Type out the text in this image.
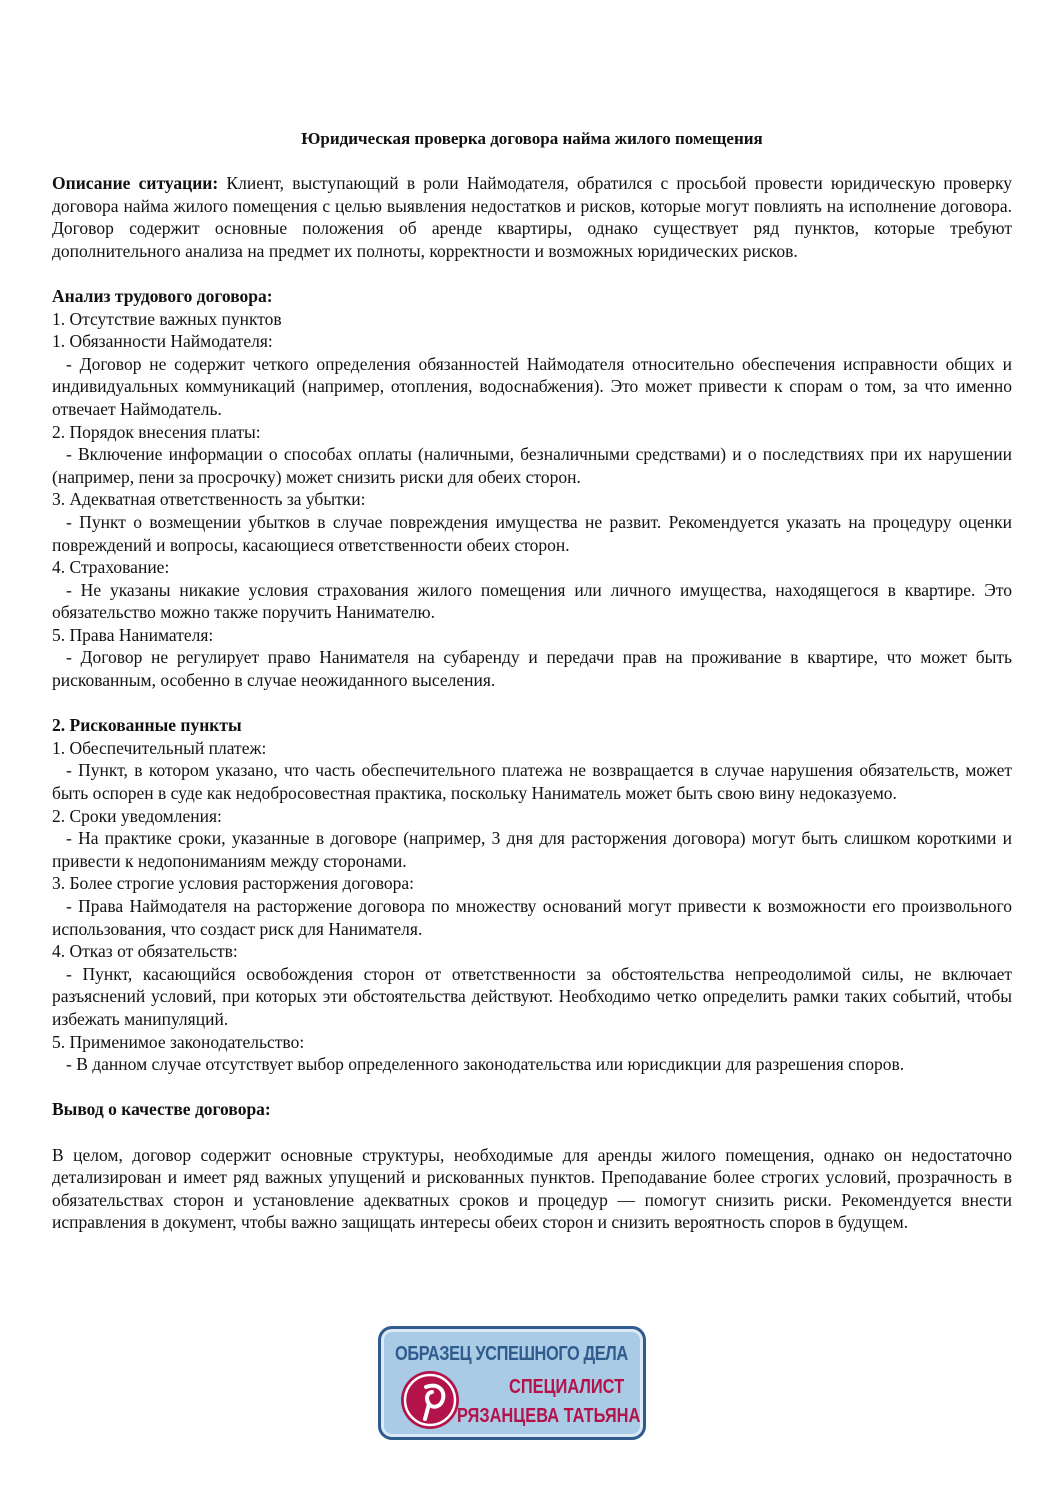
Юридическая проверка договора найма жилого помещения

Описание ситуации: Клиент, выступающий в роли Наймодателя, обратился с просьбой провести юридическую проверку договора найма жилого помещения с целью выявления недостатков и рисков, которые могут повлиять на исполнение договора. Договор содержит основные положения об аренде квартиры, однако существует ряд пунктов, которые требуют дополнительного анализа на предмет их полноты, корректности и возможных юридических рисков.

Анализ трудового договора:

1. Отсутствие важных пунктов

1. Обязанности Наймодателя:

- Договор не содержит четкого определения обязанностей Наймодателя относительно обеспечения исправности общих и индивидуальных коммуникаций (например, отопления, водоснабжения). Это может привести к спорам о том, за что именно отвечает Наймодатель.

2. Порядок внесения платы:

- Включение информации о способах оплаты (наличными, безналичными средствами) и о последствиях при их нарушении (например, пени за просрочку) может снизить риски для обеих сторон.

3. Адекватная ответственность за убытки:

- Пункт о возмещении убытков в случае повреждения имущества не развит. Рекомендуется указать на процедуру оценки повреждений и вопросы, касающиеся ответственности обеих сторон.

4. Страхование:

- Не указаны никакие условия страхования жилого помещения или личного имущества, находящегося в квартире. Это обязательство можно также поручить Нанимателю.

5. Права Нанимателя:

- Договор не регулирует право Нанимателя на субаренду и передачи прав на проживание в квартире, что может быть рискованным, особенно в случае неожиданного выселения.

2. Рискованные пункты

1. Обеспечительный платеж:

- Пункт, в котором указано, что часть обеспечительного платежа не возвращается в случае нарушения обязательств, может быть оспорен в суде как недобросовестная практика, поскольку Наниматель может быть свою вину недоказуемо.

2. Сроки уведомления:

- На практике сроки, указанные в договоре (например, 3 дня для расторжения договора) могут быть слишком короткими и привести к недопониманиям между сторонами.

3. Более строгие условия расторжения договора:

- Права Наймодателя на расторжение договора по множеству оснований могут привести к возможности его произвольного использования, что создаст риск для Нанимателя.

4. Отказ от обязательств:

- Пункт, касающийся освобождения сторон от ответственности за обстоятельства непреодолимой силы, не включает разъяснений условий, при которых эти обстоятельства действуют. Необходимо четко определить рамки таких событий, чтобы избежать манипуляций.

5. Применимое законодательство:

- В данном случае отсутствует выбор определенного законодательства или юрисдикции для разрешения споров.

Вывод о качестве договора:

В целом, договор содержит основные структуры, необходимые для аренды жилого помещения, однако он недостаточно детализирован и имеет ряд важных упущений и рискованных пунктов. Преподавание более строгих условий, прозрачность в обязательствах сторон и установление адекватных сроков и процедур — помогут снизить риски. Рекомендуется внести исправления в документ, чтобы важно защищать интересы обеих сторон и снизить вероятность споров в будущем.

ОБРАЗЕЦ УСПЕШНОГО ДЕЛА
СПЕЦИАЛИСТ
РЯЗАНЦЕВА ТАТЬЯНА
